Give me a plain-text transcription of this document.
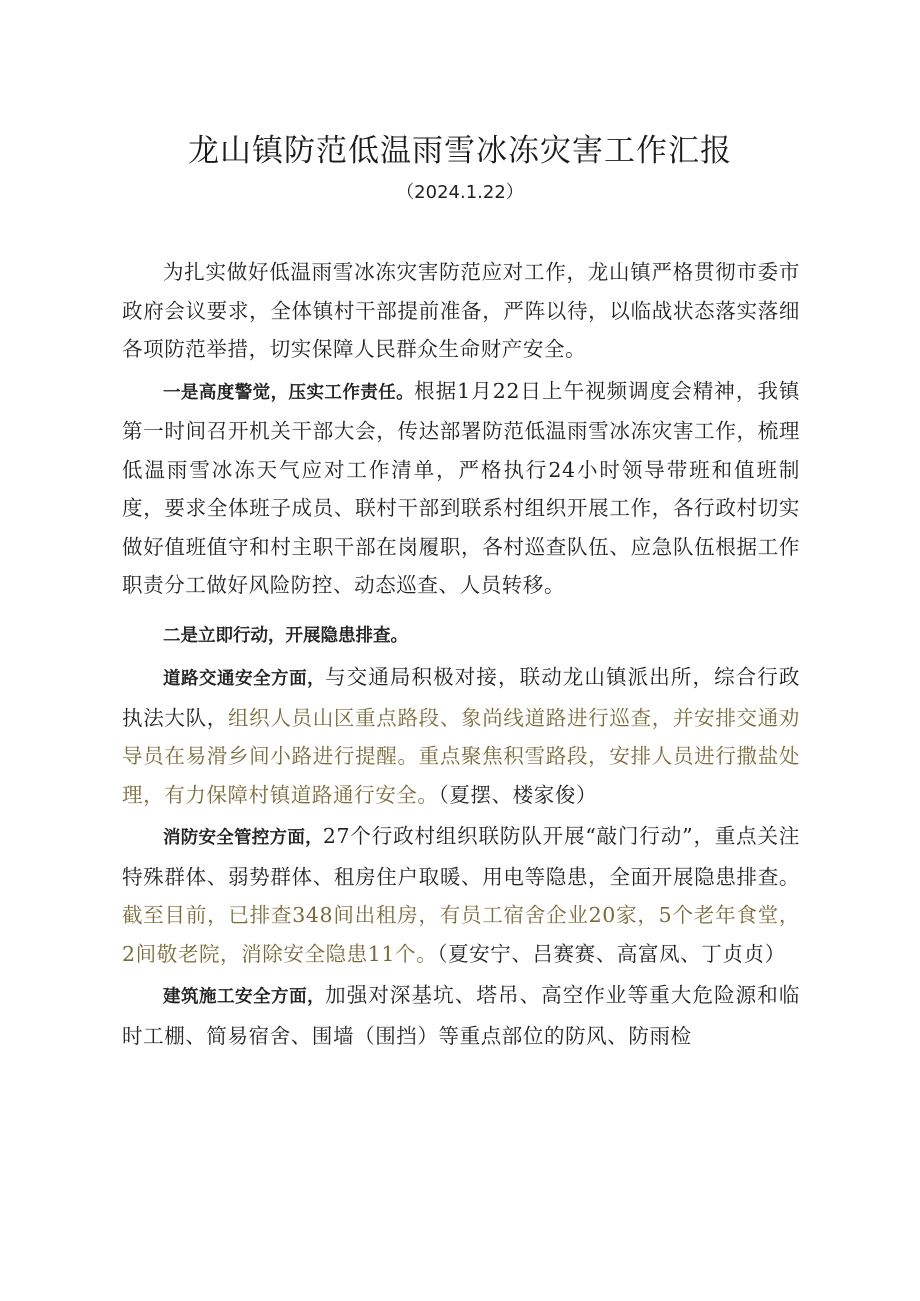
龙山镇防范低温雨雪冰冻灾害工作汇报
（2024.1.22）

为扎实做好低温雨雪冰冻灾害防范应对工作，龙山镇严格贯彻市委市政府会议要求，全体镇村干部提前准备，严阵以待，以临战状态落实落细各项防范举措，切实保障人民群众生命财产安全。

一是高度警觉，压实工作责任。根据1月22日上午视频调度会精神，我镇第一时间召开机关干部大会，传达部署防范低温雨雪冰冻灾害工作，梳理低温雨雪冰冻天气应对工作清单，严格执行24小时领导带班和值班制度，要求全体班子成员、联村干部到联系村组织开展工作，各行政村切实做好值班值守和村主职干部在岗履职，各村巡查队伍、应急队伍根据工作职责分工做好风险防控、动态巡查、人员转移。

二是立即行动，开展隐患排查。

道路交通安全方面，与交通局积极对接，联动龙山镇派出所，综合行政执法大队，组织人员山区重点路段、象尚线道路进行巡查，并安排交通劝导员在易滑乡间小路进行提醒。重点聚焦积雪路段，安排人员进行撒盐处理，有力保障村镇道路通行安全。（夏摆、楼家俊）

消防安全管控方面，27个行政村组织联防队开展“敲门行动”，重点关注特殊群体、弱势群体、租房住户取暖、用电等隐患，全面开展隐患排查。截至目前，已排查348间出租房，有员工宿舍企业20家，5个老年食堂，2间敬老院，消除安全隐患11个。（夏安宁、吕赛赛、高富凤、丁贞贞）

建筑施工安全方面，加强对深基坑、塔吊、高空作业等重大危险源和临时工棚、简易宿舍、围墙（围挡）等重点部位的防风、防雨检
